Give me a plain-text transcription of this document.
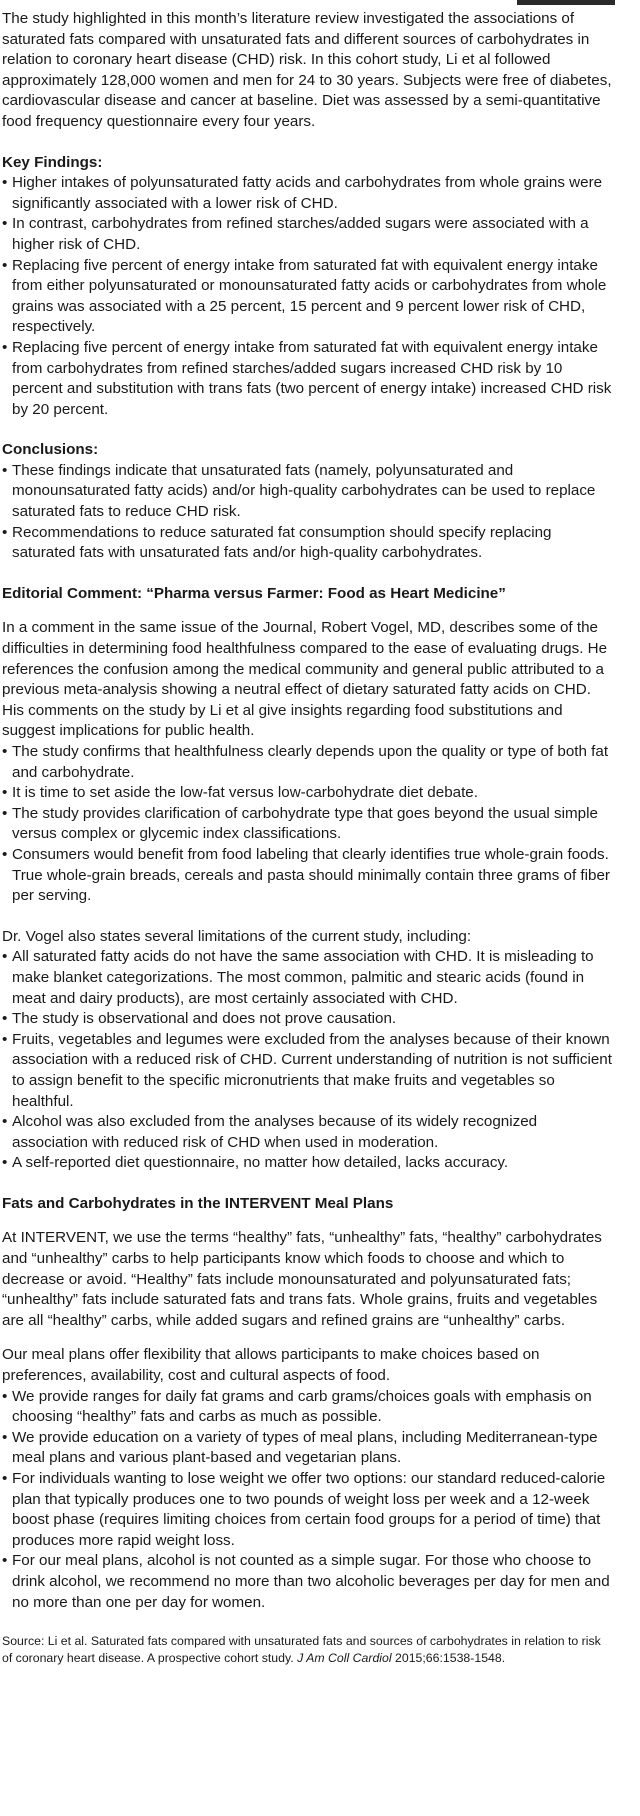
The study highlighted in this month’s literature review investigated the associations of saturated fats compared with unsaturated fats and different sources of carbohydrates in relation to coronary heart disease (CHD) risk. In this cohort study, Li et al followed approximately 128,000 women and men for 24 to 30 years. Subjects were free of diabetes, cardiovascular disease and cancer at baseline. Diet was assessed by a semi-quantitative food frequency questionnaire every four years.

Key Findings:

• Higher intakes of polyunsaturated fatty acids and carbohydrates from whole grains were significantly associated with a lower risk of CHD.
• In contrast, carbohydrates from refined starches/added sugars were associated with a higher risk of CHD.
• Replacing five percent of energy intake from saturated fat with equivalent energy intake from either polyunsaturated or monounsaturated fatty acids or carbohydrates from whole grains was associated with a 25 percent, 15 percent and 9 percent lower risk of CHD, respectively.
• Replacing five percent of energy intake from saturated fat with equivalent energy intake from carbohydrates from refined starches/added sugars increased CHD risk by 10 percent and substitution with trans fats (two percent of energy intake) increased CHD risk by 20 percent.

Conclusions:

• These findings indicate that unsaturated fats (namely, polyunsaturated and monounsaturated fatty acids) and/or high-quality carbohydrates can be used to replace saturated fats to reduce CHD risk.
• Recommendations to reduce saturated fat consumption should specify replacing saturated fats with unsaturated fats and/or high-quality carbohydrates.

Editorial Comment: “Pharma versus Farmer: Food as Heart Medicine”

In a comment in the same issue of the Journal, Robert Vogel, MD, describes some of the difficulties in determining food healthfulness compared to the ease of evaluating drugs. He references the confusion among the medical community and general public attributed to a previous meta-analysis showing a neutral effect of dietary saturated fatty acids on CHD. His comments on the study by Li et al give insights regarding food substitutions and suggest implications for public health.

• The study confirms that healthfulness clearly depends upon the quality or type of both fat and carbohydrate.
• It is time to set aside the low-fat versus low-carbohydrate diet debate.
• The study provides clarification of carbohydrate type that goes beyond the usual simple versus complex or glycemic index classifications.
• Consumers would benefit from food labeling that clearly identifies true whole-grain foods. True whole-grain breads, cereals and pasta should minimally contain three grams of fiber per serving.

Dr. Vogel also states several limitations of the current study, including:

• All saturated fatty acids do not have the same association with CHD. It is misleading to make blanket categorizations. The most common, palmitic and stearic acids (found in meat and dairy products), are most certainly associated with CHD.
• The study is observational and does not prove causation.
• Fruits, vegetables and legumes were excluded from the analyses because of their known association with a reduced risk of CHD. Current understanding of nutrition is not sufficient to assign benefit to the specific micronutrients that make fruits and vegetables so healthful.
• Alcohol was also excluded from the analyses because of its widely recognized association with reduced risk of CHD when used in moderation.
• A self-reported diet questionnaire, no matter how detailed, lacks accuracy.

Fats and Carbohydrates in the INTERVENT Meal Plans

At INTERVENT, we use the terms “healthy” fats, “unhealthy” fats, “healthy” carbohydrates and “unhealthy” carbs to help participants know which foods to choose and which to decrease or avoid. “Healthy” fats include monounsaturated and polyunsaturated fats; “unhealthy” fats include saturated fats and trans fats. Whole grains, fruits and vegetables are all “healthy” carbs, while added sugars and refined grains are “unhealthy” carbs.

Our meal plans offer flexibility that allows participants to make choices based on preferences, availability, cost and cultural aspects of food.

• We provide ranges for daily fat grams and carb grams/choices goals with emphasis on choosing “healthy” fats and carbs as much as possible.
• We provide education on a variety of types of meal plans, including Mediterranean-type meal plans and various plant-based and vegetarian plans.
• For individuals wanting to lose weight we offer two options: our standard reduced-calorie plan that typically produces one to two pounds of weight loss per week and a 12-week boost phase (requires limiting choices from certain food groups for a period of time) that produces more rapid weight loss.
• For our meal plans, alcohol is not counted as a simple sugar. For those who choose to drink alcohol, we recommend no more than two alcoholic beverages per day for men and no more than one per day for women.

Source: Li et al. Saturated fats compared with unsaturated fats and sources of carbohydrates in relation to risk of coronary heart disease. A prospective cohort study. J Am Coll Cardiol 2015;66:1538-1548.
